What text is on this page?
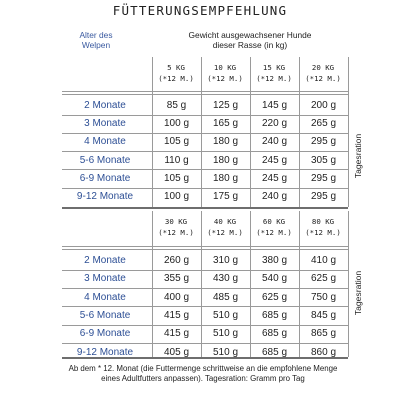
FÜTTERUNGSEMPFEHLUNG
Alter des
Welpen
Gewicht ausgewachsener Hunde
dieser Rasse (in kg)
5 KG
(*12 M.)
10 KG
(*12 M.)
15 KG
(*12 M.)
20 KG
(*12 M.)
2 Monate	85 g	125 g	145 g	200 g
3 Monate	100 g	165 g	220 g	265 g
4 Monate	105 g	180 g	240 g	295 g
5-6 Monate	110 g	180 g	245 g	305 g
6-9 Monate	105 g	180 g	245 g	295 g
9-12 Monate	100 g	175 g	240 g	295 g
Tagesration
30 KG
(*12 M.)
40 KG
(*12 M.)
60 KG
(*12 M.)
80 KG
(*12 M.)
2 Monate	260 g	310 g	380 g	410 g
3 Monate	355 g	430 g	540 g	625 g
4 Monate	400 g	485 g	625 g	750 g
5-6 Monate	415 g	510 g	685 g	845 g
6-9 Monate	415 g	510 g	685 g	865 g
9-12 Monate	405 g	510 g	685 g	860 g
Tagesration
Ab dem * 12. Monat (die Futtermenge schrittweise an die empfohlene Menge
eines Adultfutters anpassen). Tagesration: Gramm pro Tag
